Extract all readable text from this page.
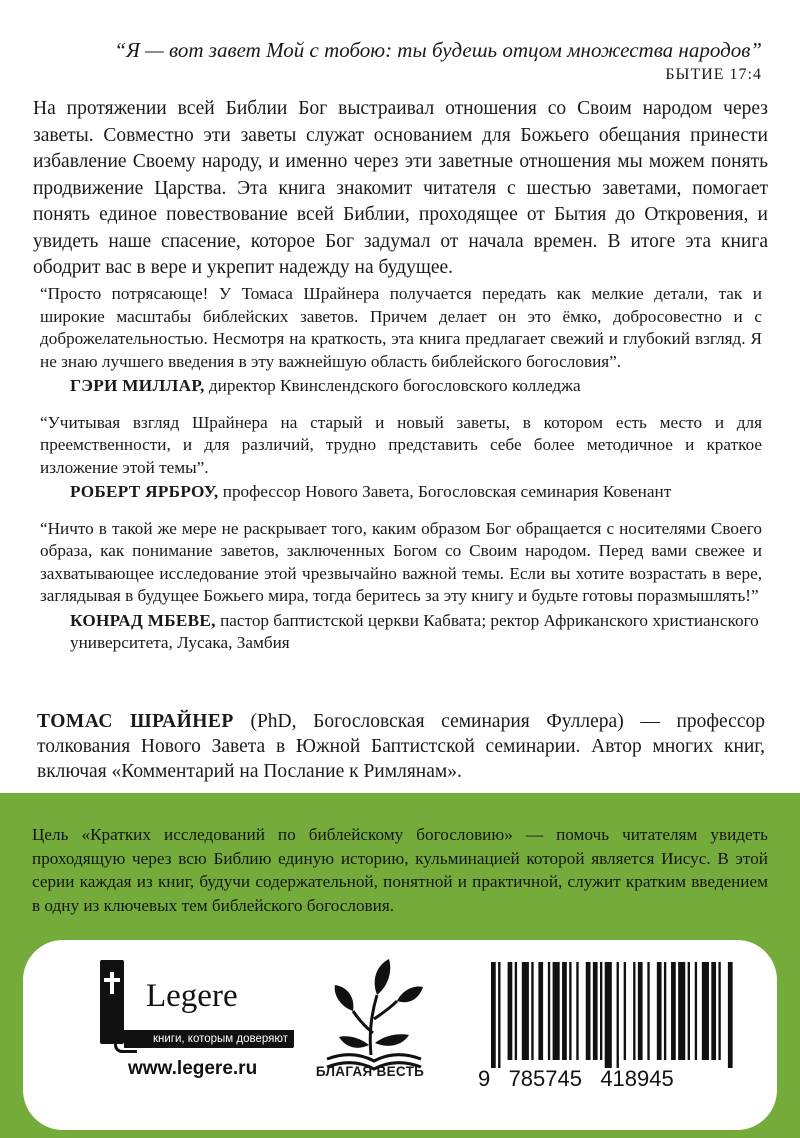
“Я — вот завет Мой с тобою: ты будешь отцом множества народов”
БЫТИЕ 17:4

На протяжении всей Библии Бог выстраивал отношения со Своим народом через заветы. Совместно эти заветы служат основанием для Божьего обещания принести избавление Своему народу, и именно через эти заветные отношения мы можем понять продвижение Царства. Эта книга знакомит читателя с шестью заветами, помогает понять единое повествование всей Библии, проходящее от Бытия до Откровения, и увидеть наше спасение, которое Бог задумал от начала времен. В итоге эта книга ободрит вас в вере и укрепит надежду на будущее.

“Просто потрясающе! У Томаса Шрайнера получается передать как мелкие детали, так и широкие масштабы библейских заветов. Причем делает он это ёмко, добросовестно и с доброжелательностью. Несмотря на краткость, эта книга предлагает свежий и глубокий взгляд. Я не знаю лучшего введения в эту важнейшую область библейского богословия”.

ГЭРИ МИЛЛАР, директор Квинслендского богословского колледжа

“Учитывая взгляд Шрайнера на старый и новый заветы, в котором есть место и для преемственности, и для различий, трудно представить себе более методичное и краткое изложение этой темы”.

РОБЕРТ ЯРБРОУ, профессор Нового Завета, Богословская семинария Ковенант

“Ничто в такой же мере не раскрывает того, каким образом Бог обращается с носителями Своего образа, как понимание заветов, заключенных Богом со Своим народом. Перед вами свежее и захватывающее исследование этой чрезвычайно важной темы. Если вы хотите возрастать в вере, заглядывая в будущее Божьего мира, тогда беритесь за эту книгу и будьте готовы поразмышлять!”

КОНРАД МБЕВЕ, пастор баптистской церкви Кабвата; ректор Африканского христианского университета, Лусака, Замбия

ТОМАС ШРАЙНЕР (PhD, Богословская семинария Фуллера) — профессор толкования Нового Завета в Южной Баптистской семинарии. Автор многих книг, включая «Комментарий на Послание к Римлянам».

Цель «Кратких исследований по библейскому богословию» — помочь читателям увидеть проходящую через всю Библию единую историю, кульминацией которой является Иисус. В этой серии каждая из книг, будучи содержательной, понятной и практичной, служит кратким введением в одну из ключевых тем библейского богословия.

Legere
книги, которым доверяют
www.legere.ru	БЛАГАЯ ВЕСТЬ 9   785745   418945
